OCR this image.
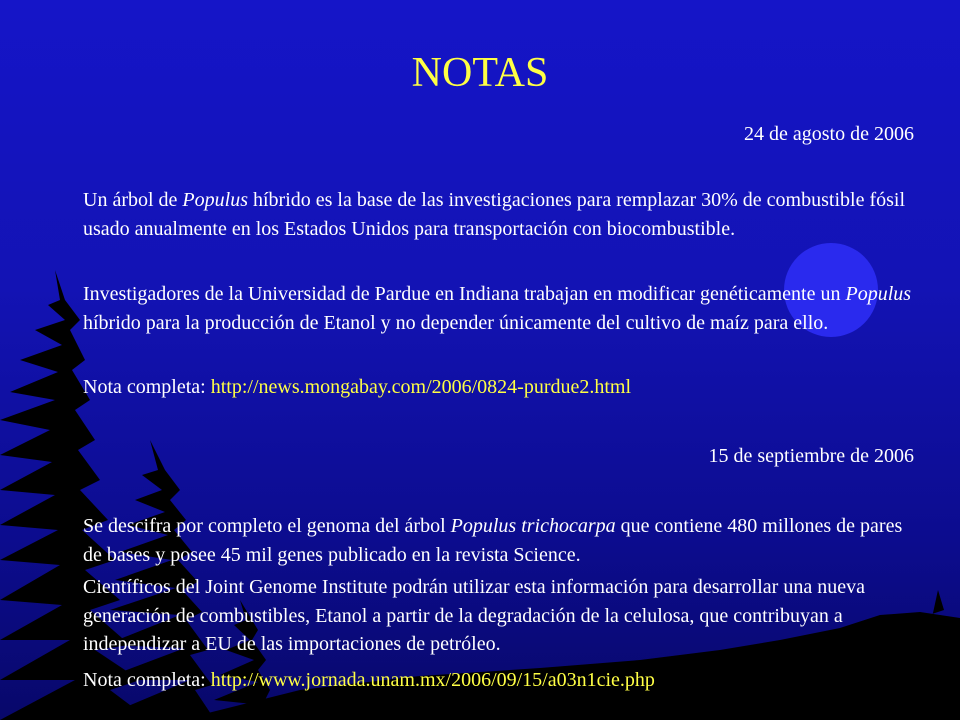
NOTAS
24 de agosto de 2006

Un árbol de Populus híbrido es la base de las investigaciones para remplazar 30% de combustible fósil usado anualmente en los Estados Unidos para transportación con biocombustible.

Investigadores de la Universidad de Pardue en Indiana trabajan en modificar genéticamente un Populus híbrido para la producción de Etanol y no depender únicamente del cultivo de maíz para ello.

Nota completa: http://news.mongabay.com/2006/0824-purdue2.html

15 de septiembre de 2006

Se descifra por completo el genoma del árbol Populus trichocarpa que contiene 480 millones de pares de bases y posee 45 mil genes publicado en la revista Science.

Científicos del Joint Genome Institute podrán utilizar esta información para desarrollar una nueva generación de combustibles, Etanol a partir de la degradación de la celulosa, que contribuyan a independizar a EU de las importaciones de petróleo.

Nota completa: http://www.jornada.unam.mx/2006/09/15/a03n1cie.php
